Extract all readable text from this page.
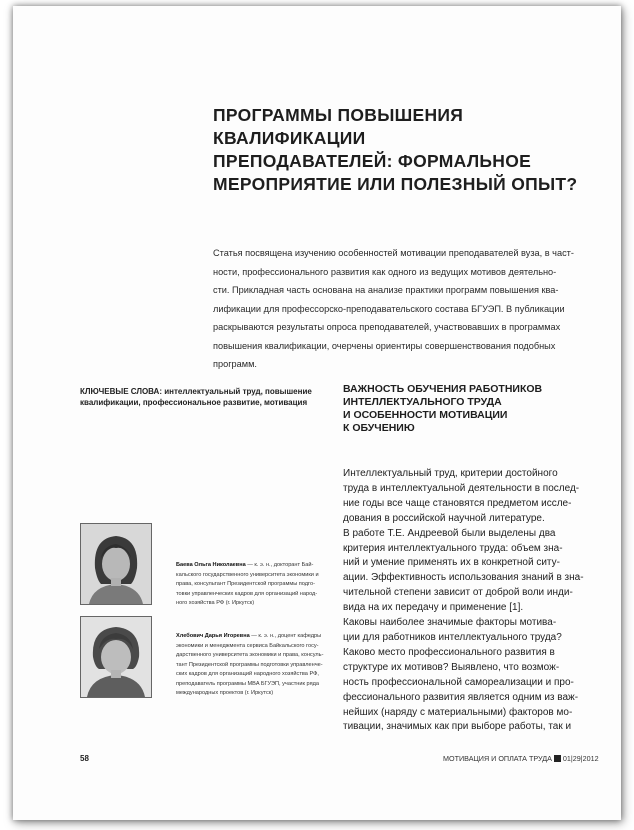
ПРОГРАММЫ ПОВЫШЕНИЯ КВАЛИФИКАЦИИ
ПРЕПОДАВАТЕЛЕЙ: ФОРМАЛЬНОЕ
МЕРОПРИЯТИЕ ИЛИ ПОЛЕЗНЫЙ ОПЫТ?
Статья посвящена изучению особенностей мотивации преподавателей вуза, в част-
ности, профессионального развития как одного из ведущих мотивов деятельно-
сти. Прикладная часть основана на анализе практики программ повышения ква-
лификации для профессорско-преподавательского состава БГУЭП. В публикации
раскрываются результаты опроса преподавателей, участвовавших в программах
повышения квалификации, очерчены ориентиры совершенствования подобных
программ.
КЛЮЧЕВЫЕ СЛОВА: интеллектуальный труд, повышение
квалификации, профессиональное развитие, мотивация
ВАЖНОСТЬ ОБУЧЕНИЯ РАБОТНИКОВ
ИНТЕЛЛЕКТУАЛЬНОГО ТРУДА
И ОСОБЕННОСТИ МОТИВАЦИИ
К ОБУЧЕНИЮ
Интеллектуальный труд, критерии достойного
труда в интеллектуальной деятельности в послед-
ние годы все чаще становятся предметом иссле-
дования в российской научной литературе.
В работе Т.Е. Андреевой были выделены два
критерия интеллектуального труда: объем зна-
ний и умение применять их в конкретной ситу-
ации. Эффективность использования знаний в зна-
чительной степени зависит от доброй воли инди-
вида на их передачу и применение [1].
Каковы наиболее значимые факторы мотива-
ции для работников интеллектуального труда?
Каково место профессионального развития в
структуре их мотивов? Выявлено, что возмож-
ность профессиональной самореализации и про-
фессионального развития является одним из важ-
нейших (наряду с материальными) факторов мо-
тивации, значимых как при выборе работы, так и
Баева Ольга Николаевна — к. э. н., докторант Бай-
кальского государственного университета экономики и
права, консультант Президентской программы подго-
товки управленческих кадров для организаций народ-
ного хозяйства РФ (г. Иркутск)
Хлебович Дарья Игоревна — к. э. н., доцент кафедры
экономики и менеджмента сервиса Байкальского госу-
дарственного университета экономики и права, консуль-
тант Президентской программы подготовки управленче-
ских кадров для организаций народного хозяйства РФ,
преподаватель программы MBA БГУЭП, участник ряда
международных проектов (г. Иркутск)
58	МОТИВАЦИЯ И ОПЛАТА ТРУДА 01|29|2012
